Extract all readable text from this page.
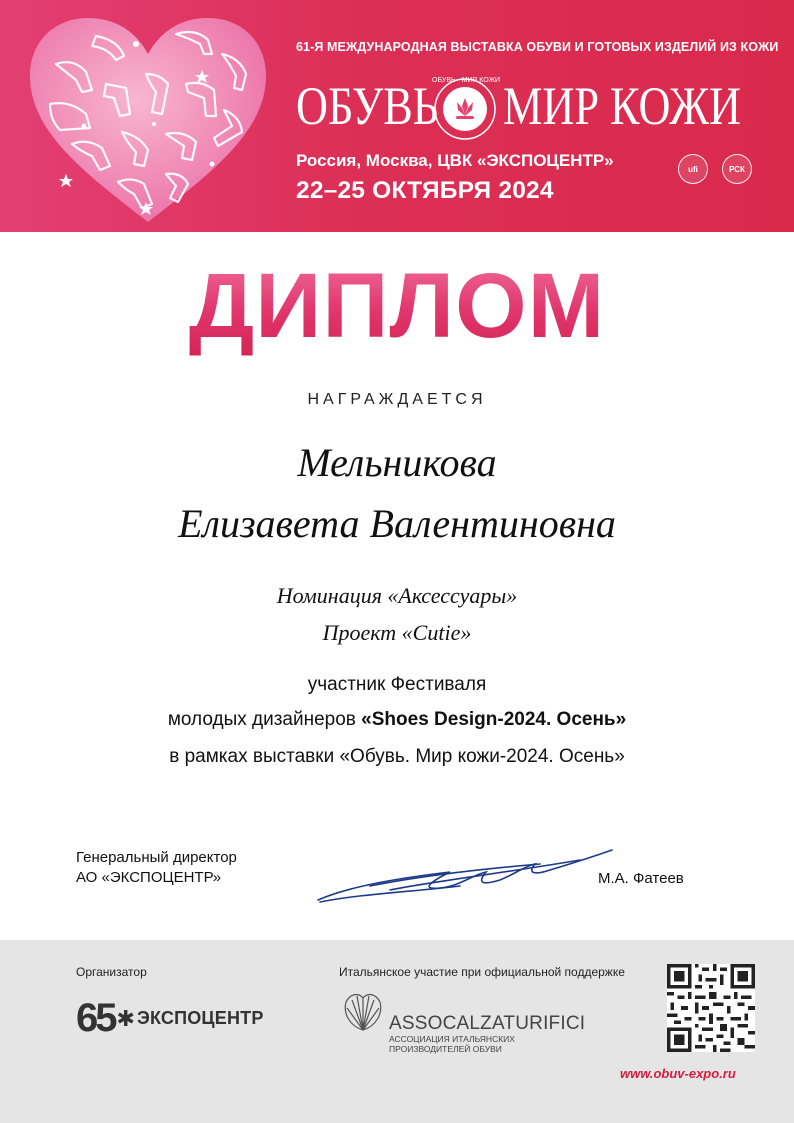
61-Я МЕЖДУНАРОДНАЯ ВЫСТАВКА ОБУВИ И ГОТОВЫХ ИЗДЕЛИЙ ИЗ КОЖИ
ОБУВЬ
ОБУВЬ · МИР КОЖИ МИР КОЖИ
Россия, Москва, ЦВК «ЭКСПОЦЕНТР»
22–25 ОКТЯБРЯ 2024
ufi	РСК
ДИПЛОМ
НАГРАЖДАЕТСЯ
Мельникова
Елизавета Валентиновна
Номинация «Аксессуары»
Проект «Cutie»
участник Фестиваля
молодых дизайнеров «Shoes Design-2024. Осень»
в рамках выставки «Обувь. Мир кожи-2024. Осень»
Генеральный директор
АО «ЭКСПОЦЕНТР»	М.А. Фатеев
Организатор
65 ✱ ЭКСПОЦЕНТР
Итальянское участие при официальной поддержке
ASSOCALZATURIFICI
АССОЦИАЦИЯ ИТАЛЬЯНСКИХ
ПРОИЗВОДИТЕЛЕЙ ОБУВИ
www.obuv-expo.ru
